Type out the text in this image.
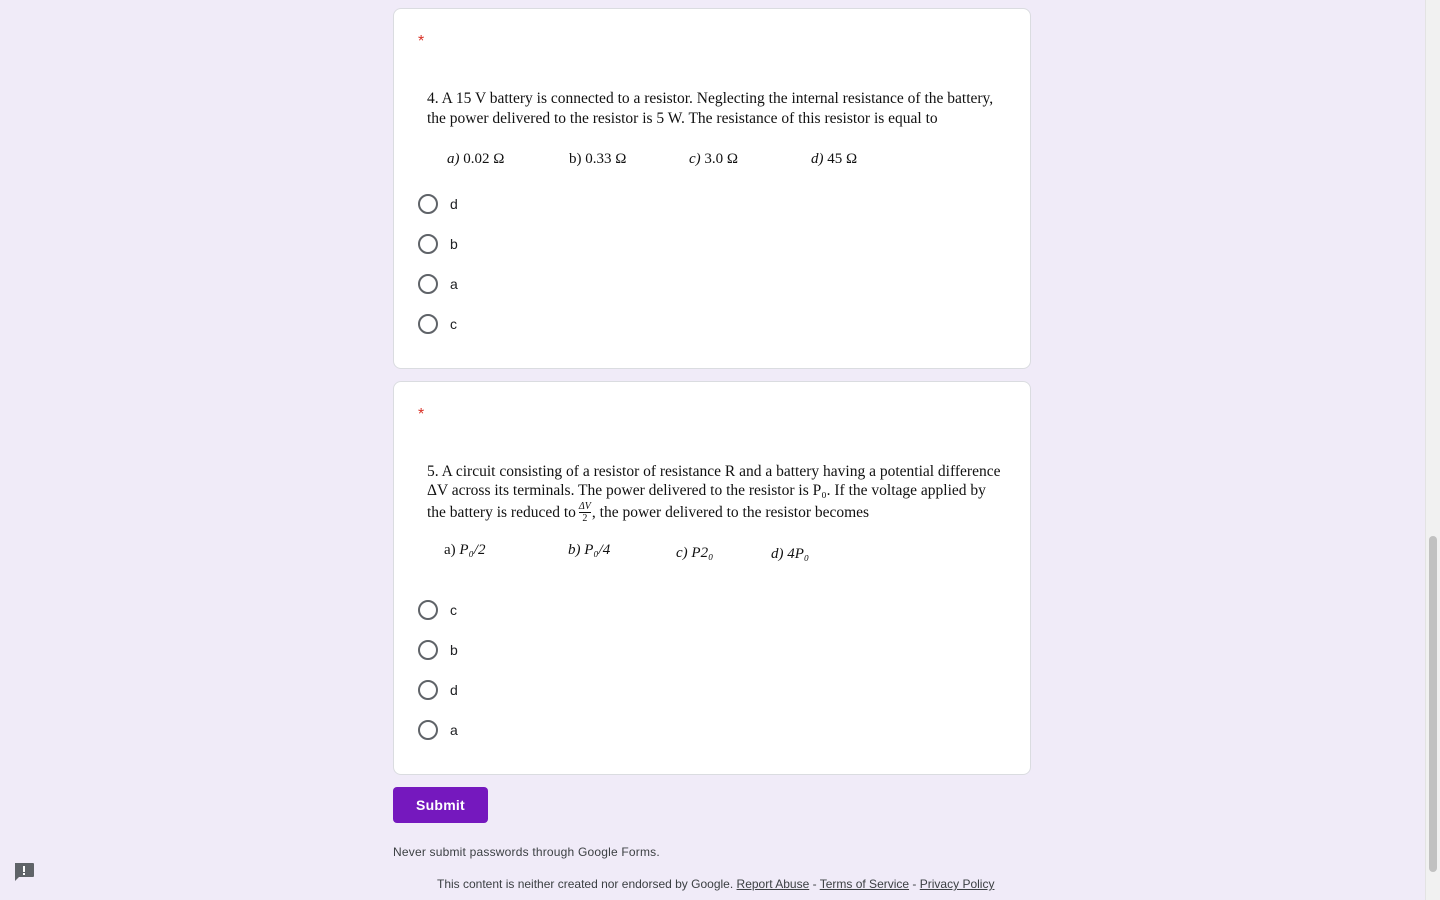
*
4. A 15 V battery is connected to a resistor. Neglecting the internal resistance of the battery, the power delivered to the resistor is 5 W. The resistance of this resistor is equal to
a) 0.02 Ω	b) 0.33 Ω	c) 3.0 Ω	d) 45 Ω
d
b
a
c
*
5. A circuit consisting of a resistor of resistance R and a battery having a potential difference
ΔV across its terminals. The power delivered to the resistor is P₀. If the voltage applied by
the battery is reduced to ΔV
2 , the power delivered to the resistor becomes
a) P₀/2	b) P₀/4	c) P2₀	d) 4P₀
c
b
d
a
Submit
Never submit passwords through Google Forms.
This content is neither created nor endorsed by Google. Report Abuse - Terms of Service - Privacy Policy
